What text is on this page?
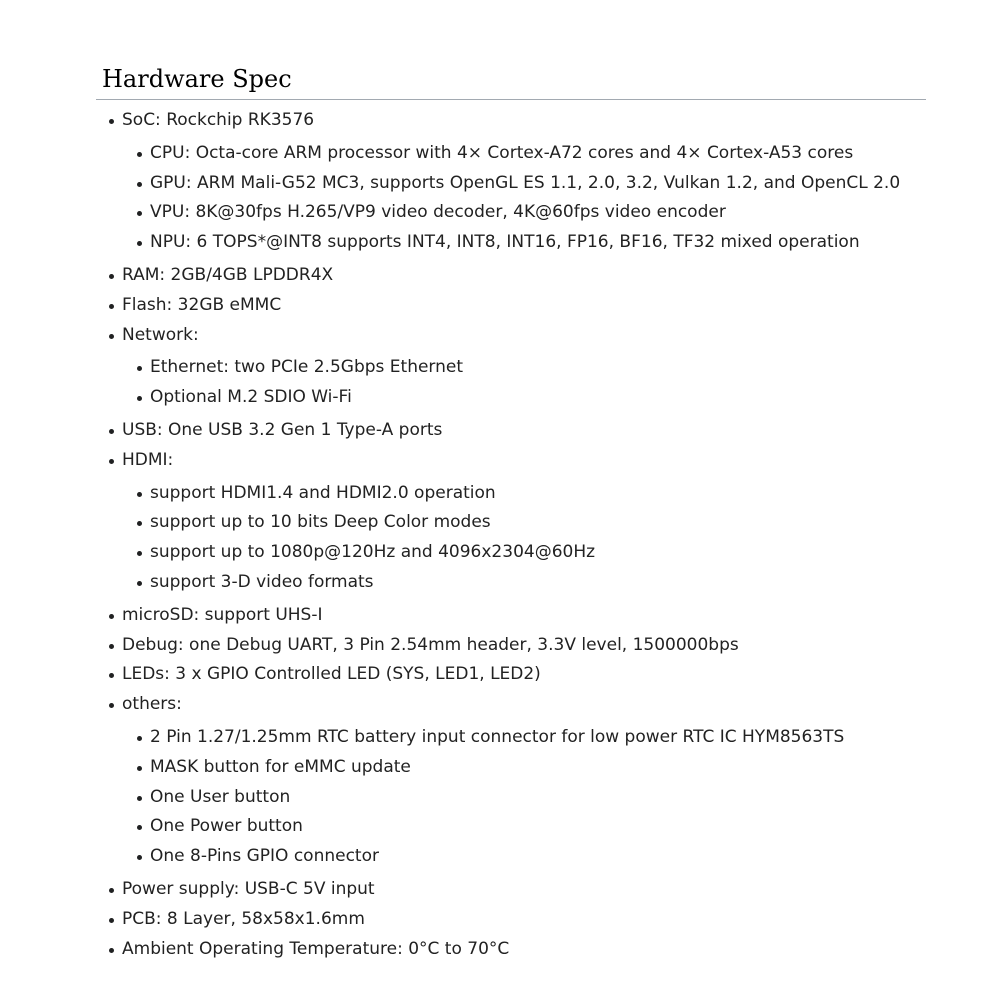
Hardware Spec
SoC: Rockchip RK3576
CPU: Octa-core ARM processor with 4× Cortex-A72 cores and 4× Cortex-A53 cores
GPU: ARM Mali-G52 MC3, supports OpenGL ES 1.1, 2.0, 3.2, Vulkan 1.2, and OpenCL 2.0
VPU: 8K@30fps H.265/VP9 video decoder, 4K@60fps video encoder
NPU: 6 TOPS*@INT8 supports INT4, INT8, INT16, FP16, BF16, TF32 mixed operation
RAM: 2GB/4GB LPDDR4X
Flash: 32GB eMMC
Network:
Ethernet: two PCIe 2.5Gbps Ethernet
Optional M.2 SDIO Wi-Fi
USB: One USB 3.2 Gen 1 Type-A ports
HDMI:
support HDMI1.4 and HDMI2.0 operation
support up to 10 bits Deep Color modes
support up to 1080p@120Hz and 4096x2304@60Hz
support 3-D video formats
microSD: support UHS-I
Debug: one Debug UART, 3 Pin 2.54mm header, 3.3V level, 1500000bps
LEDs: 3 x GPIO Controlled LED (SYS, LED1, LED2)
others:
2 Pin 1.27/1.25mm RTC battery input connector for low power RTC IC HYM8563TS
MASK button for eMMC update
One User button
One Power button
One 8-Pins GPIO connector
Power supply: USB-C 5V input
PCB: 8 Layer, 58x58x1.6mm
Ambient Operating Temperature: 0°C to 70°C
